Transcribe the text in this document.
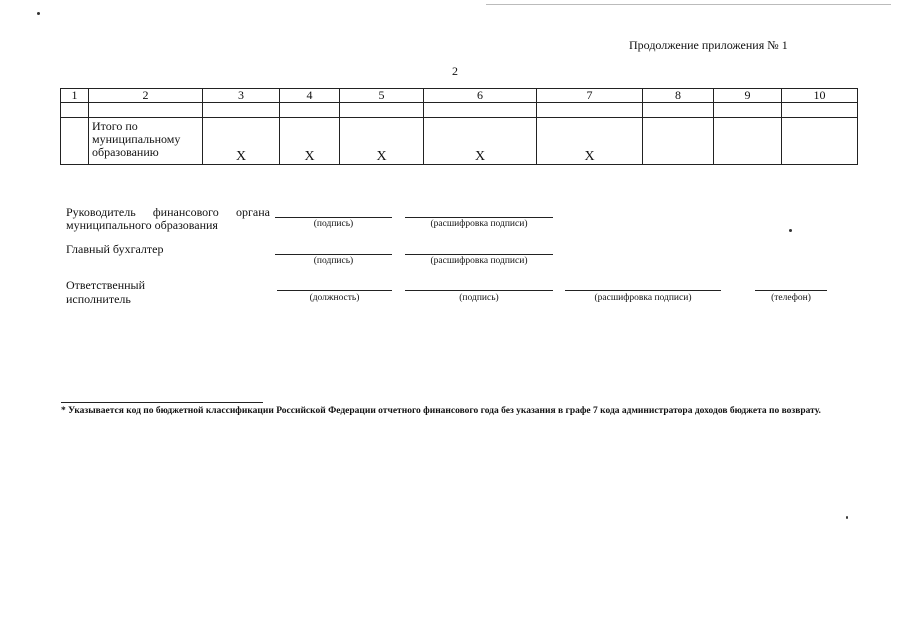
Продолжение приложения № 1
2
1	2	3	4	5	6	7	8	9	10

	Итого по муниципальному образованию	X	X	X	X	X			
Руководитель финансового органа муниципального образования	(подпись)	(расшифровка подписи)
Главный бухгалтер
(подпись)	(расшифровка подписи)
Ответственный
исполнитель	(должность)	(подпись)	(расшифровка подписи)	(телефон)
* Указывается код по бюджетной классификации Российской Федерации отчетного финансового года без указания в графе 7 кода администратора доходов бюджета по возврату.
